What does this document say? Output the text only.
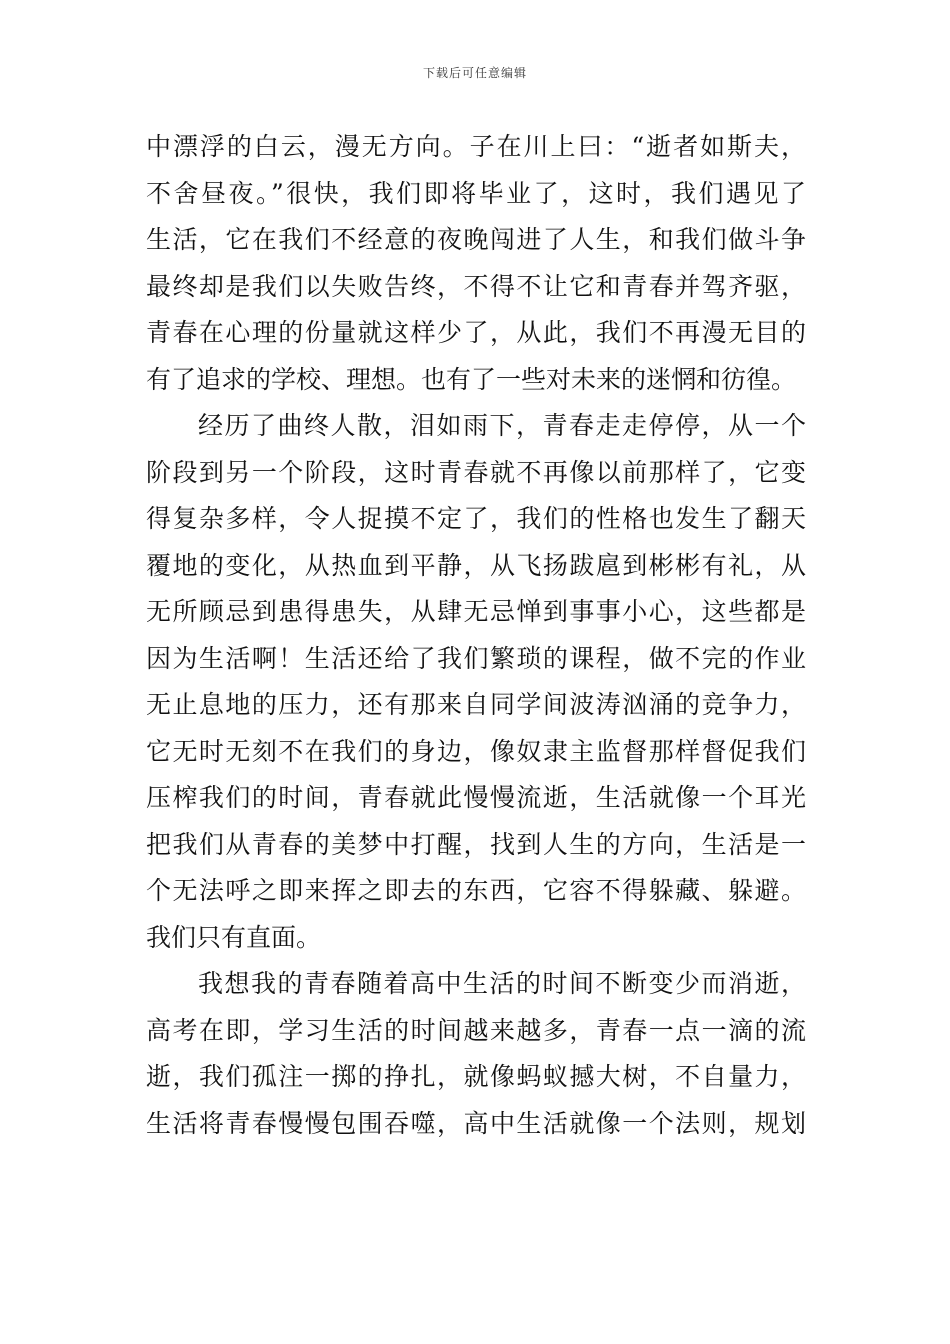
下载后可任意编辑
中漂浮的白云，漫无方向。子在川上曰：“逝者如斯夫，
不舍昼夜。”很快，我们即将毕业了，这时，我们遇见了
生活，它在我们不经意的夜晚闯进了人生，和我们做斗争
最终却是我们以失败告终，不得不让它和青春并驾齐驱，
青春在心理的份量就这样少了，从此，我们不再漫无目的
有了追求的学校、理想。也有了一些对未来的迷惘和彷徨。
经历了曲终人散，泪如雨下，青春走走停停，从一个
阶段到另一个阶段，这时青春就不再像以前那样了，它变
得复杂多样，令人捉摸不定了，我们的性格也发生了翻天
覆地的变化，从热血到平静，从飞扬跋扈到彬彬有礼，从
无所顾忌到患得患失，从肆无忌惮到事事小心，这些都是
因为生活啊！生活还给了我们繁琐的课程，做不完的作业
无止息地的压力，还有那来自同学间波涛汹涌的竞争力，
它无时无刻不在我们的身边，像奴隶主监督那样督促我们
压榨我们的时间，青春就此慢慢流逝，生活就像一个耳光
把我们从青春的美梦中打醒，找到人生的方向，生活是一
个无法呼之即来挥之即去的东西，它容不得躲藏、躲避。
我们只有直面。
我想我的青春随着高中生活的时间不断变少而消逝，
高考在即，学习生活的时间越来越多，青春一点一滴的流
逝，我们孤注一掷的挣扎，就像蚂蚁撼大树，不自量力，
生活将青春慢慢包围吞噬，高中生活就像一个法则，规划
